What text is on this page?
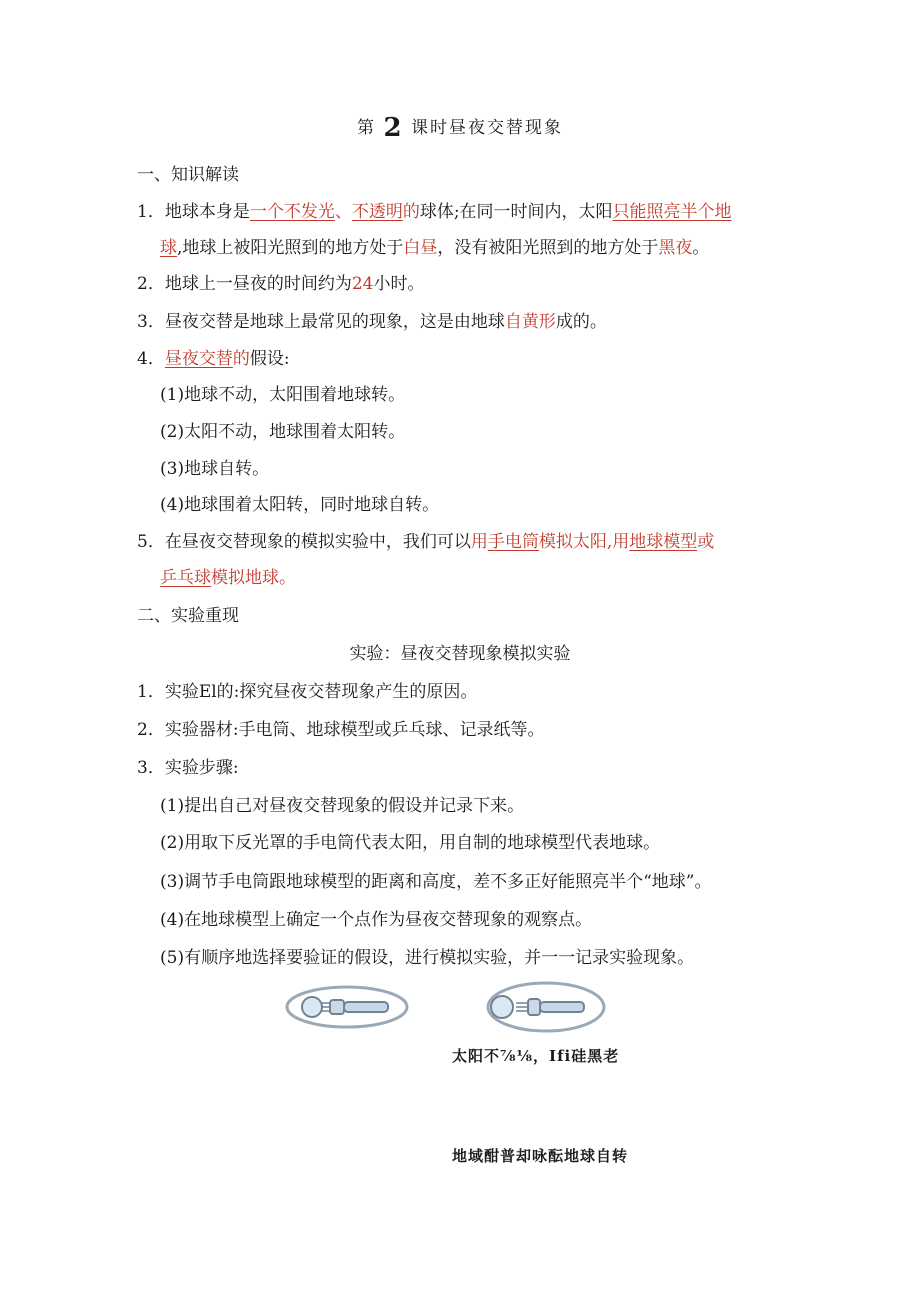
第 2 课时昼夜交替现象
一、知识解读
1．地球本身是一个不发光、不透明的球体;在同一时间内，太阳只能照亮半个地
球,地球上被阳光照到的地方处于白昼，没有被阳光照到的地方处于黑夜。
2．地球上一昼夜的时间约为24小时。
3．昼夜交替是地球上最常见的现象，这是由地球自黄形成的。
4．昼夜交替的假设:
(1)地球不动，太阳围着地球转。
(2)太阳不动，地球围着太阳转。
(3)地球自转。
(4)地球围着太阳转，同时地球自转。
5．在昼夜交替现象的模拟实验中，我们可以用手电筒模拟太阳,用地球模型或
乒乓球模拟地球。
二、实验重现
实验：昼夜交替现象模拟实验
1．实验El的:探究昼夜交替现象产生的原因。
2．实验器材:手电筒、地球模型或乒乓球、记录纸等。
3．实验步骤:
(1)提出自己对昼夜交替现象的假设并记录下来。
(2)用取下反光罩的手电筒代表太阳，用自制的地球模型代表地球。
(3)调节手电筒跟地球模型的距离和高度，差不多正好能照亮半个“地球”。
(4)在地球模型上确定一个点作为昼夜交替现象的观察点。
(5)有顺序地选择要验证的假设，进行模拟实验，并一一记录实验现象。
太阳不⅞⅛，Ifi硅黑老
地域酣普却咏酝地球自转
